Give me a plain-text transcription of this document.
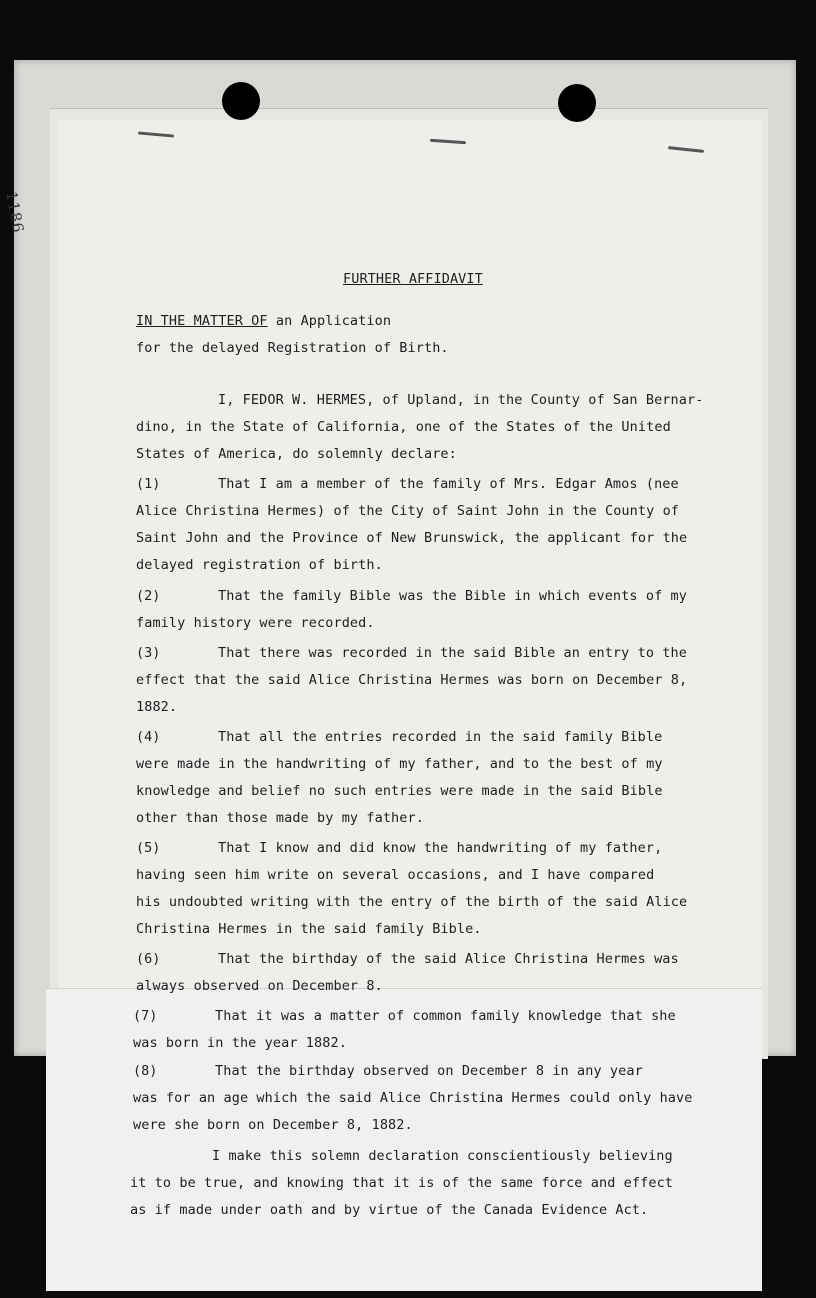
1186
FURTHER AFFIDAVIT
IN THE MATTER OF an Application
for the delayed Registration of Birth.
I, FEDOR W. HERMES, of Upland, in the County of San Bernar-
dino, in the State of California, one of the States of the United
States of America, do solemnly declare:
(1)	That I am a member of the family of Mrs. Edgar Amos (nee
Alice Christina Hermes) of the City of Saint John in the County of
Saint John and the Province of New Brunswick, the applicant for the
delayed registration of birth.
(2)	That the family Bible was the Bible in which events of my
family history were recorded.
(3)	That there was recorded in the said Bible an entry to the
effect that the said Alice Christina Hermes was born on December 8,
1882.
(4)	That all the entries recorded in the said family Bible
were made in the handwriting of my father, and to the best of my
knowledge and belief no such entries were made in the said Bible
other than those made by my father.
(5)	That I know and did know the handwriting of my father,
having seen him write on several occasions, and I have compared
his undoubted writing with the entry of the birth of the said Alice
Christina Hermes in the said family Bible.
(6)	That the birthday of the said Alice Christina Hermes was
always observed on December 8.
(7)	That it was a matter of common family knowledge that she
was born in the year 1882.
(8)	That the birthday observed on December 8 in any year
was for an age which the said Alice Christina Hermes could only have
were she born on December 8, 1882.
I make this solemn declaration conscientiously believing
it to be true, and knowing that it is of the same force and effect
as if made under oath and by virtue of the Canada Evidence Act.
